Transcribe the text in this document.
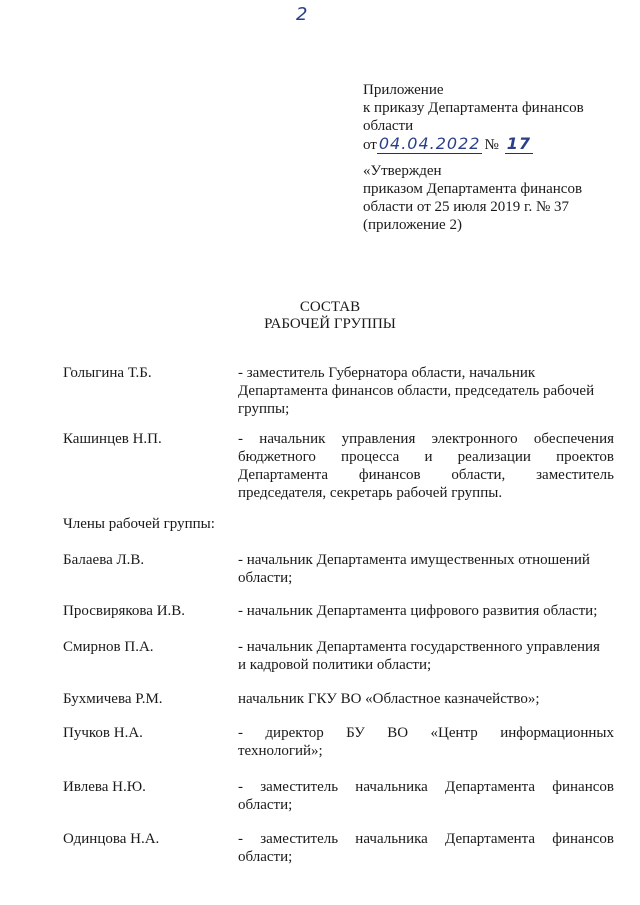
2
Приложение
к приказу Департамента финансов
области
от 04.04.2022 № 17
«Утвержден
приказом Департамента финансов
области от 25 июля 2019 г. № 37
(приложение 2)
СОСТАВ
РАБОЧЕЙ ГРУППЫ
Члены рабочей группы:
Голыгина Т.Б.	- заместитель Губернатора области, начальник
Департамента финансов области, председатель рабочей
группы;
Кашинцев Н.П.	- начальник управления электронного обеспечения
бюджетного процесса и реализации проектов
Департамента финансов области, заместитель
председателя, секретарь рабочей группы.
Балаева Л.В.	- начальник Департамента имущественных отношений
области;
Просвирякова И.В.	- начальник Департамента цифрового развития области;
Смирнов П.А.	- начальник Департамента государственного управления
и кадровой политики области;
Бухмичева Р.М.	начальник ГКУ ВО «Областное казначейство»;
Пучков Н.А.	- директор БУ ВО «Центр информационных
технологий»;
Ивлева Н.Ю.	- заместитель начальника Департамента финансов
области;
Одинцова Н.А.	- заместитель начальника Департамента финансов
области;
